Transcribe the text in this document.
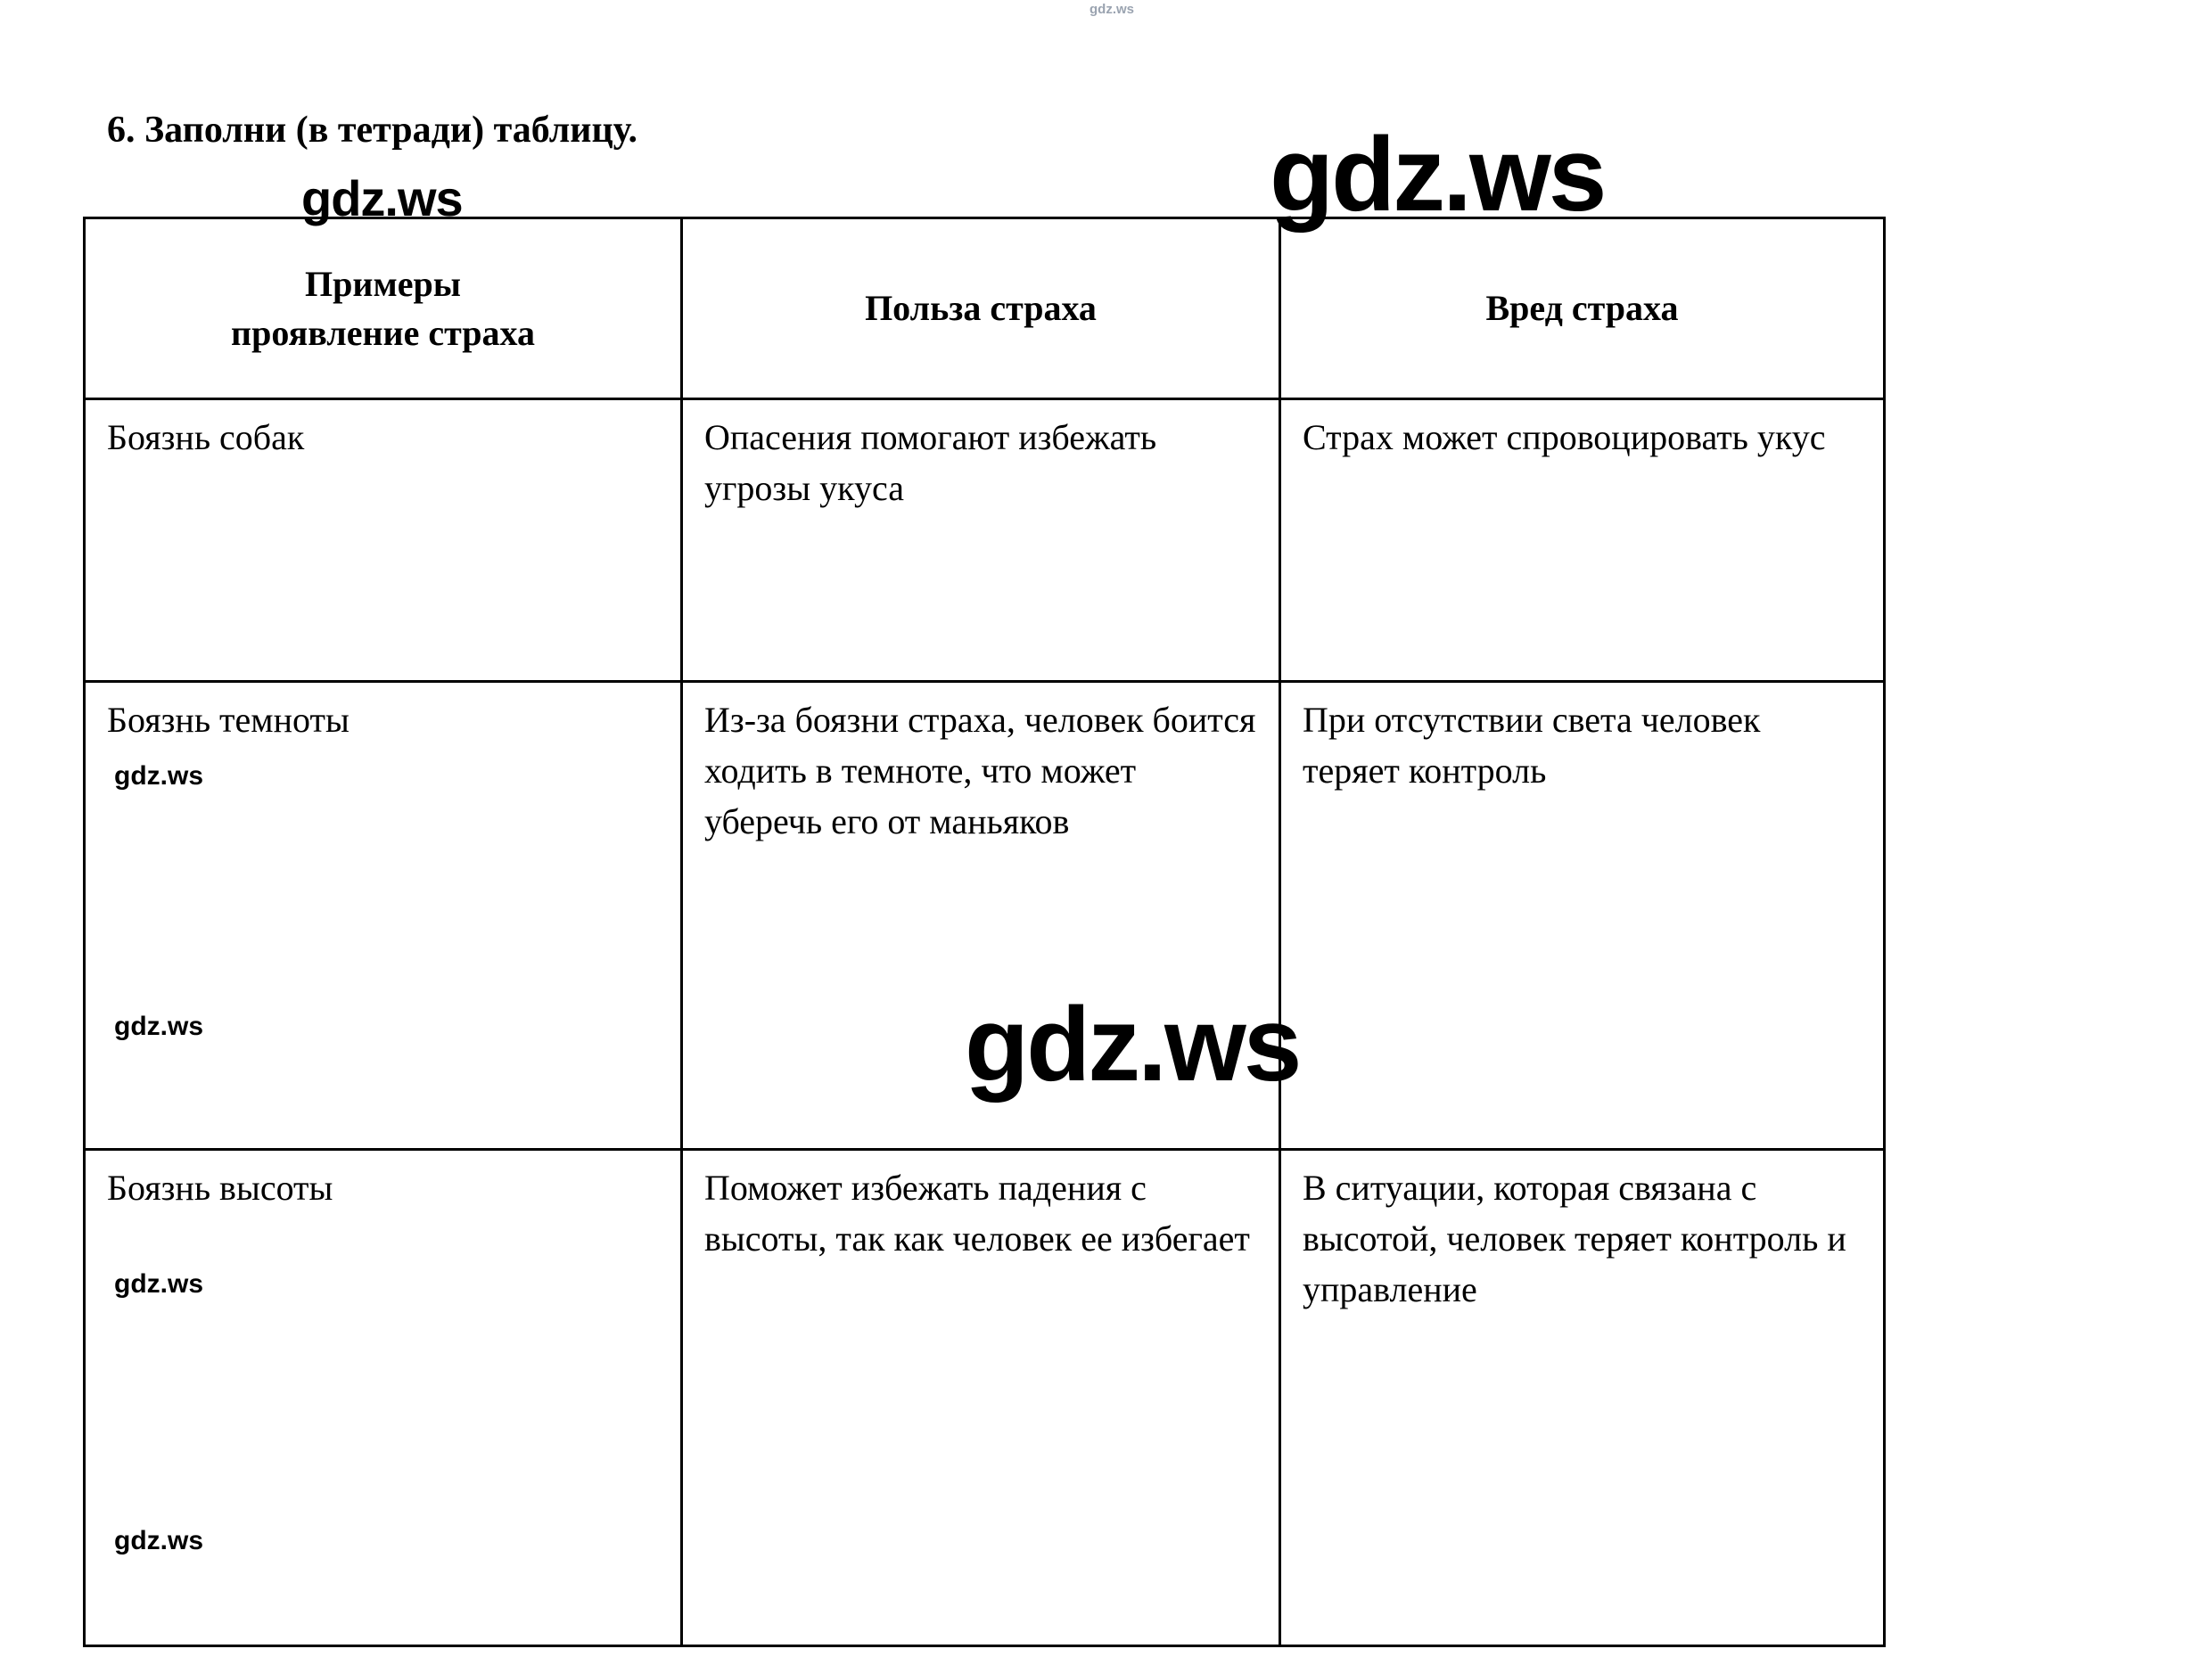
gdz.ws
6. Заполни (в тетради) таблицу.
gdz.ws	gdz.ws
Примеры
проявление страха	Польза страха	Вред страха
Боязнь собак	Опасения помогают избежать угрозы укуса	Страх может спровоцировать укус
Боязнь темноты	Из-за боязни страха, человек боится ходить в темноте, что может уберечь его от маньяков	При отсутствии света человек теряет контроль
Боязнь высоты	Поможет избежать падения с высоты, так как человек ее избегает	В ситуации, которая связана с высотой, человек теряет контроль и управление
gdz.ws
gdz.ws	gdz.ws
gdz.ws
gdz.ws
